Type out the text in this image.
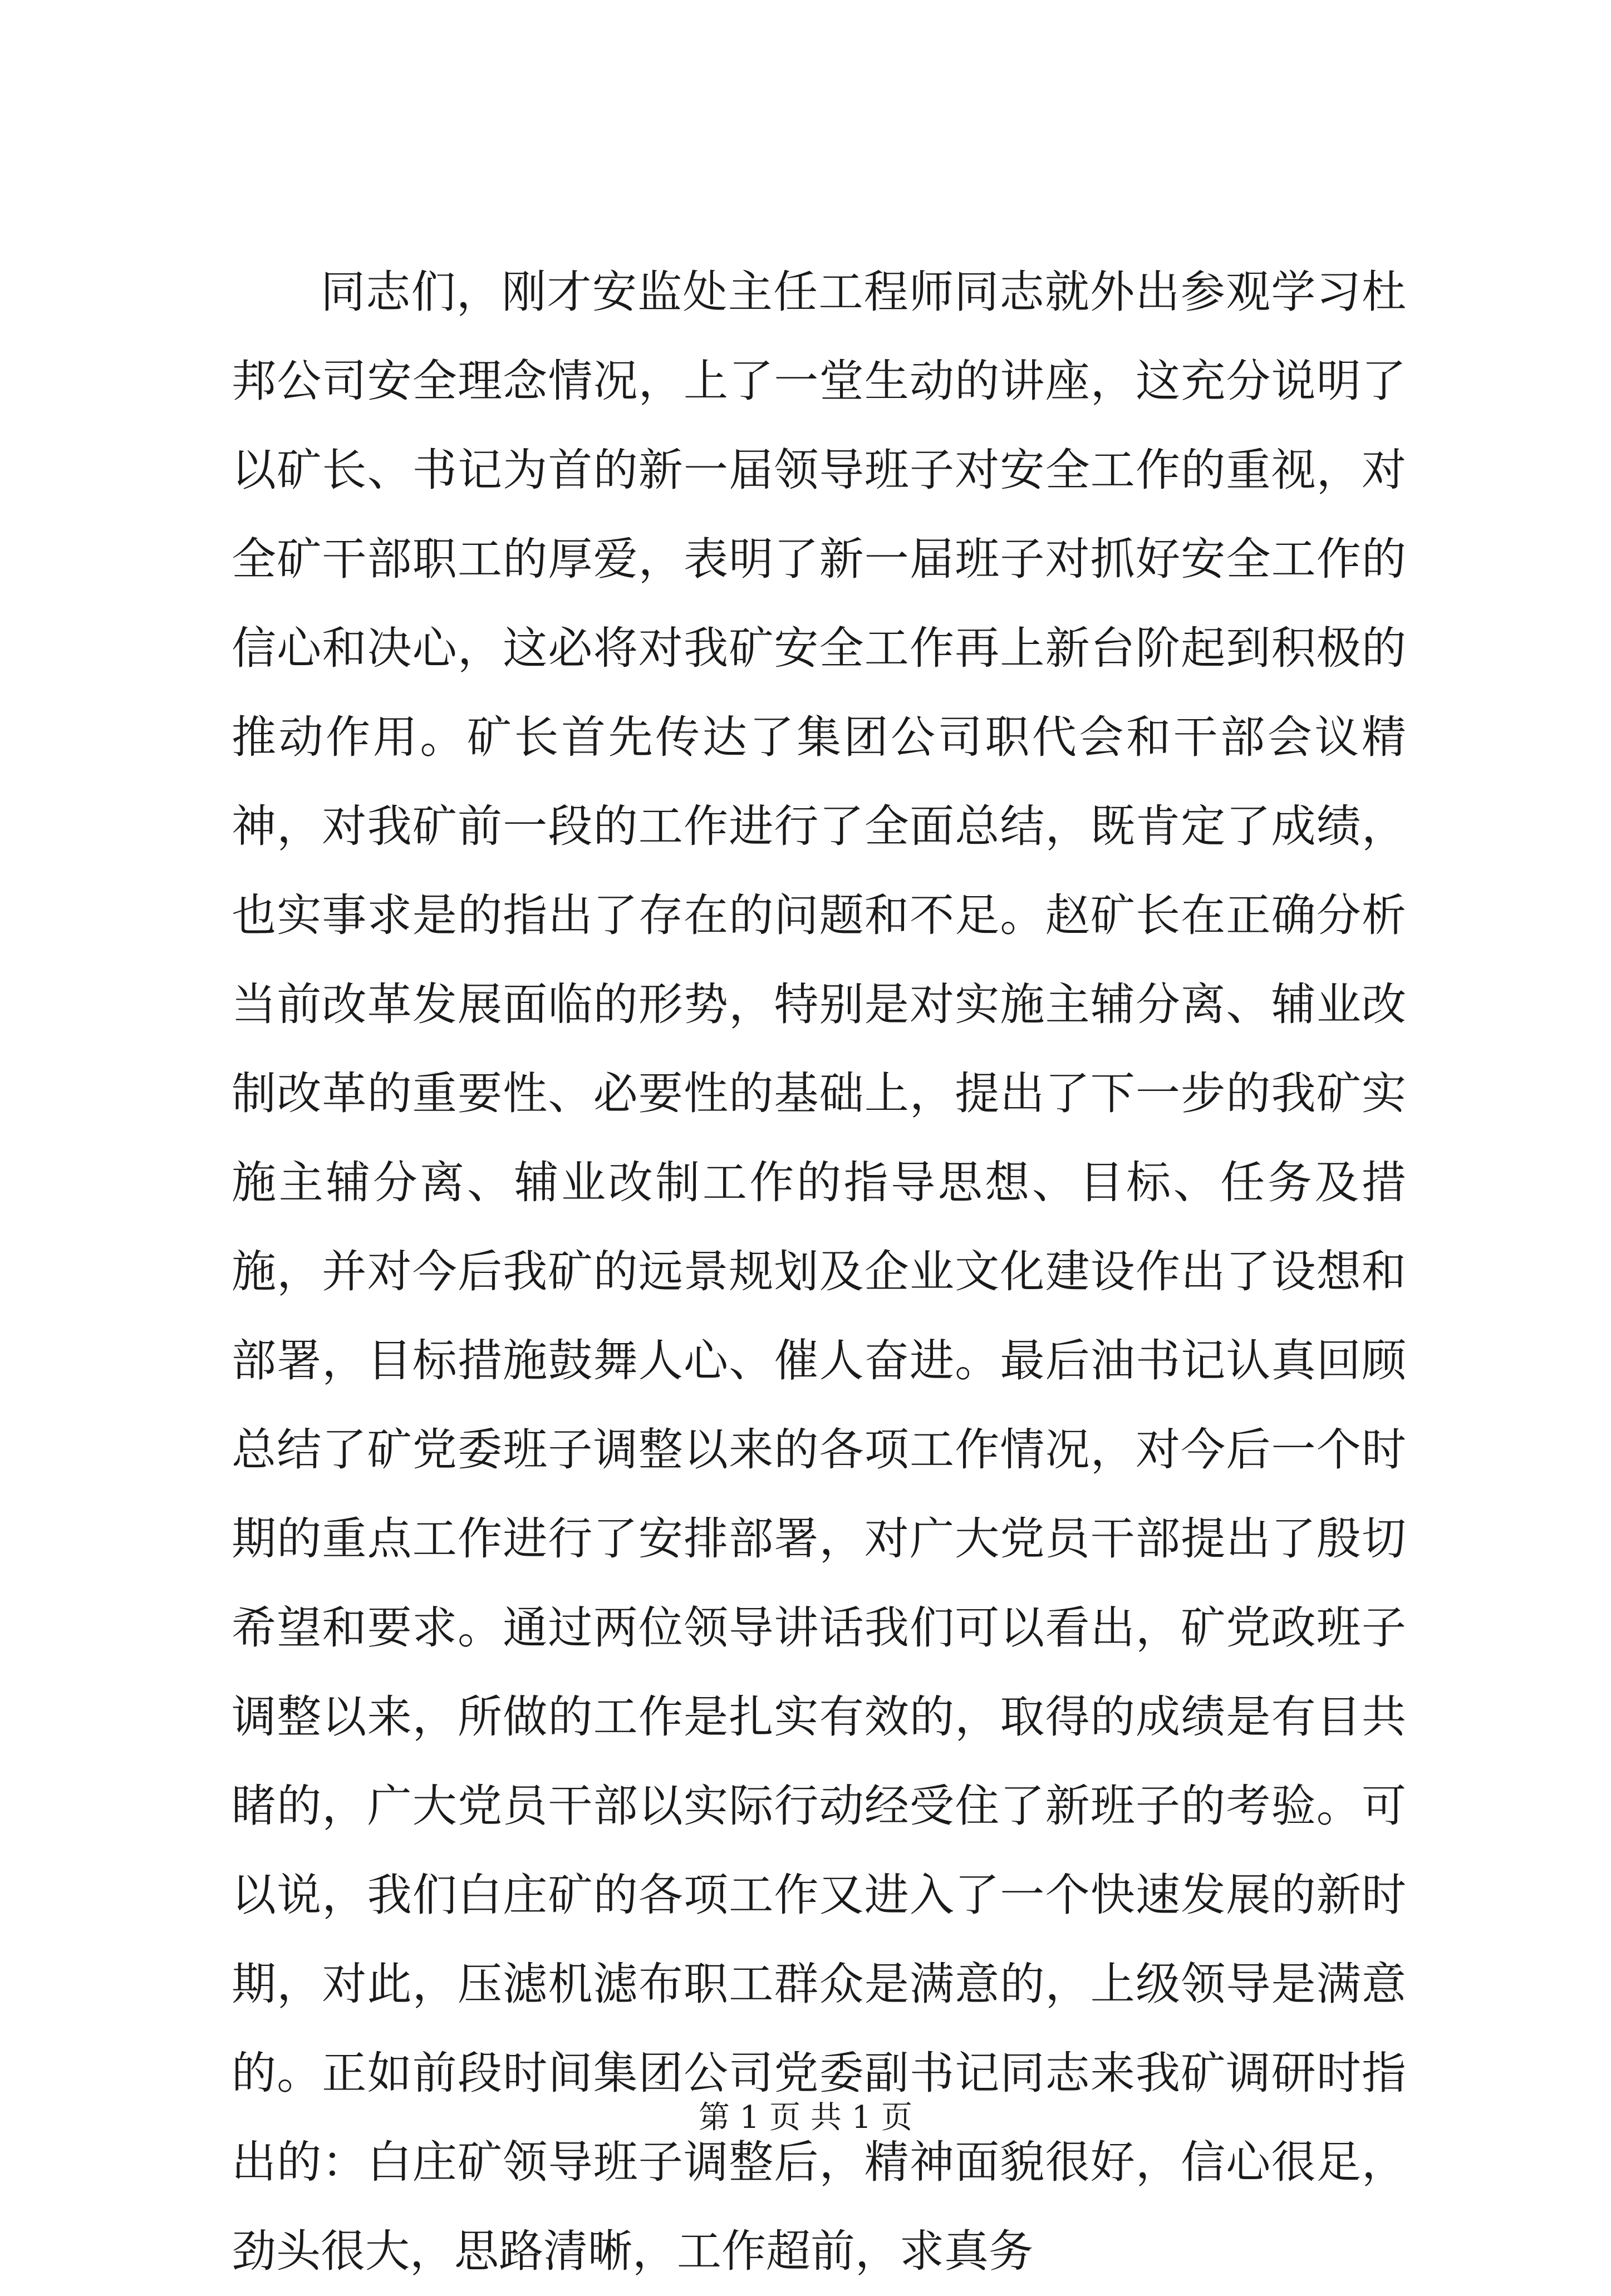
同志们，刚才安监处主任工程师同志就外出参观学习杜邦公司安全理念情况，上了一堂生动的讲座，这充分说明了以矿长、书记为首的新一届领导班子对安全工作的重视，对全矿干部职工的厚爱，表明了新一届班子对抓好安全工作的信心和决心，这必将对我矿安全工作再上新台阶起到积极的推动作用。矿长首先传达了集团公司职代会和干部会议精神，对我矿前一段的工作进行了全面总结，既肯定了成绩，也实事求是的指出了存在的问题和不足。赵矿长在正确分析当前改革发展面临的形势，特别是对实施主辅分离、辅业改制改革的重要性、必要性的基础上，提出了下一步的我矿实施主辅分离、辅业改制工作的指导思想、目标、任务及措施，并对今后我矿的远景规划及企业文化建设作出了设想和部署，目标措施鼓舞人心、催人奋进。最后油书记认真回顾总结了矿党委班子调整以来的各项工作情况，对今后一个时期的重点工作进行了安排部署，对广大党员干部提出了殷切希望和要求。通过两位领导讲话我们可以看出，矿党政班子调整以来，所做的工作是扎实有效的，取得的成绩是有目共睹的，广大党员干部以实际行动经受住了新班子的考验。可以说，我们白庄矿的各项工作又进入了一个快速发展的新时期，对此，压滤机滤布职工群众是满意的，上级领导是满意的。正如前段时间集团公司党委副书记同志来我矿调研时指出的：白庄矿领导班子调整后，精神面貌很好，信心很足，劲头很大，思路清晰，工作超前，求真务

第 1 页 共 1 页
